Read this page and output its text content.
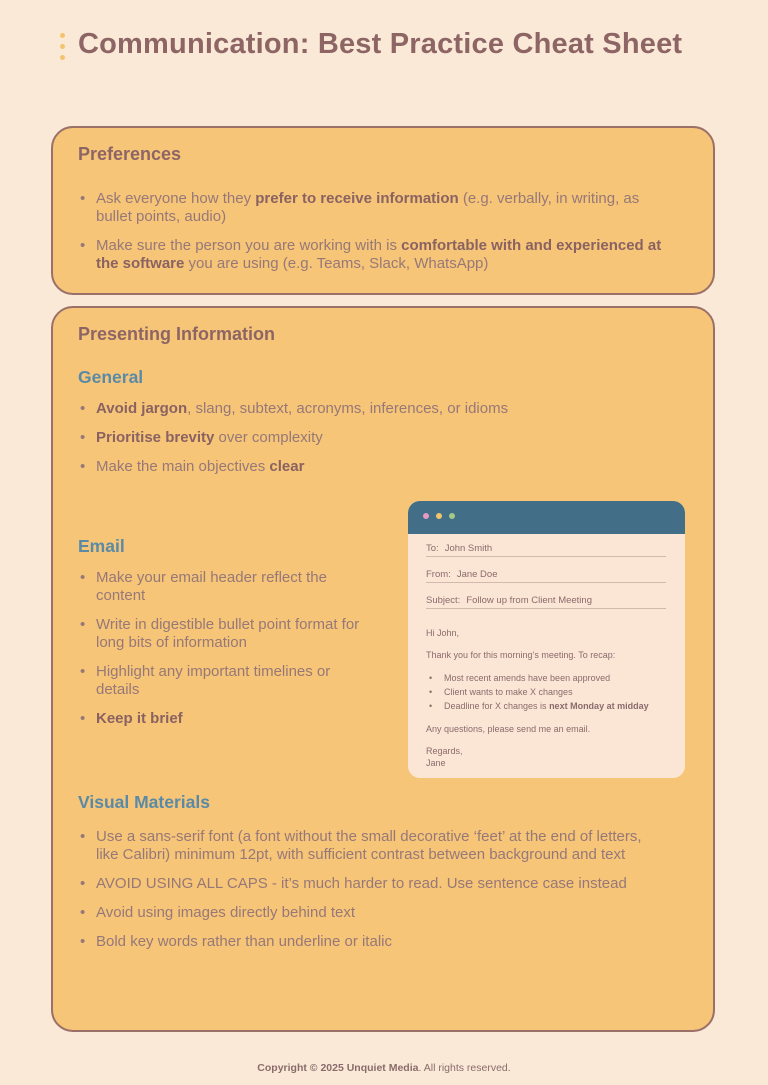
Communication: Best Practice Cheat Sheet
Preferences
• Ask everyone how they prefer to receive information (e.g. verbally, in writing, as bullet points, audio)
• Make sure the person you are working with is comfortable with and experienced at the software you are using (e.g. Teams, Slack, WhatsApp)
Presenting Information
General
• Avoid jargon, slang, subtext, acronyms, inferences, or idioms
• Prioritise brevity over complexity
• Make the main objectives clear
Email
• Make your email header reflect the content
• Write in digestible bullet point format for long bits of information
• Highlight any important timelines or details
• Keep it brief
To: John Smith
From: Jane Doe
Subject: Follow up from Client Meeting

Hi John,

Thank you for this morning’s meeting. To recap:

• Most recent amends have been approved
• Client wants to make X changes
• Deadline for X changes is next Monday at midday

Any questions, please send me an email.

Regards,
Jane

Visual Materials
• Use a sans-serif font (a font without the small decorative ‘feet’ at the end of letters, like Calibri) minimum 12pt, with sufficient contrast between background and text
• AVOID USING ALL CAPS - it’s much harder to read. Use sentence case instead
• Avoid using images directly behind text
• Bold key words rather than underline or italic
Copyright © 2025 Unquiet Media. All rights reserved.
